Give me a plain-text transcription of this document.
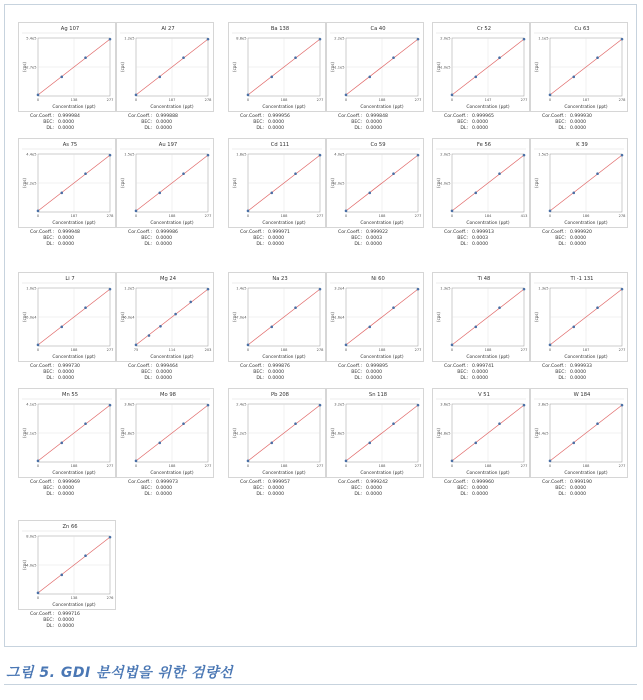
Ag 107
2.7e5
5.4e5
0	138	277
(cps)
Concentration (ppt)
Cor.Coeff.: 0.999984
BEC: 0.0000
DL: 0.0000
Al 27
1.2e5
0	187	278
(cps)
Concentration (ppt)
Cor.Coeff.: 0.999888
BEC: 0.0000
DL: 0.0000
Ba 138
8.8e5
0	188	277
(cps)
Concentration (ppt)
Cor.Coeff.: 0.999956
BEC: 0.0000
DL: 0.0000
Ca 40
1.1e5
2.2e5
0	188	277
(cps)
Concentration (ppt)
Cor.Coeff.: 0.999848
BEC: 0.0000
DL: 0.0000
Cr 52
1.0e5
2.0e5
0	147	277
(cps)
Concentration (ppt)
Cor.Coeff.: 0.999965
BEC: 0.0000
DL: 0.0000
Cu 63
1.1e5
0	187	278
(cps)
Concentration (ppt)
Cor.Coeff.: 0.999930
BEC: 0.0000
DL: 0.0000
As 75
2.2e5
4.4e5
0	187	278
(cps)
Concentration (ppt)
Cor.Coeff.: 0.999948
BEC: 0.0000
DL: 0.0000
Au 197
1.5e5
0	188	277
(cps)
Concentration (ppt)
Cor.Coeff.: 0.999986
BEC: 0.0000
DL: 0.0000
Cd 111
1.8e5
0	188	277
(cps)
Concentration (ppt)
Cor.Coeff.: 0.999971
BEC: 0.0000
DL: 0.0000
Co 59
2.0e5
4.0e5
0	188	277
(cps)
Concentration (ppt)
Cor.Coeff.: 0.999922
BEC: 0.0003
DL: 0.0000
Fe 56
1.0e5
2.0e5
0	184	413
(cps)
Concentration (ppt)
Cor.Coeff.: 0.999913
BEC: 0.0003
DL: 0.0000
K 39
1.5e5
0	186	278
(cps)
Concentration (ppt)
Cor.Coeff.: 0.999920
BEC: 0.0000
DL: 0.0000
Li 7
5.0e4
1.0e5
0	188	277
(cps)
Concentration (ppt)
Cor.Coeff.: 0.999730
BEC: 0.0000
DL: 0.0000
Mg 24
6.0e4
1.2e5
75	114	203
(cps)
Concentration (ppt)
Cor.Coeff.: 0.999464
BEC: 0.0000
DL: 0.0000
Na 23
7.0e4
1.4e5
0	188	278
(cps)
Concentration (ppt)
Cor.Coeff.: 0.999876
BEC: 0.0000
DL: 0.0000
Ni 60
1.6e4
3.2e4
0	188	277
(cps)
Concentration (ppt)
Cor.Coeff.: 0.999895
BEC: 0.0000
DL: 0.0000
Ti 48
1.3e5
0	188	277
(cps)
Concentration (ppt)
Cor.Coeff.: 0.999741
BEC: 0.0000
DL: 0.0000
Tl -1 131
1.3e5
0	187	277
(cps)
Concentration (ppt)
Cor.Coeff.: 0.999933
BEC: 0.0000
DL: 0.0000
Mn 55
2.1e5
4.1e5
0	188	277
(cps)
Concentration (ppt)
Cor.Coeff.: 0.999969
BEC: 0.0000
DL: 0.0000
Mo 98
1.8e5
3.6e5
0	188	277
(cps)
Concentration (ppt)
Cor.Coeff.: 0.999973
BEC: 0.0000
DL: 0.0000
Pb 208
1.2e5
2.4e5
0	188	277
(cps)
Concentration (ppt)
Cor.Coeff.: 0.999957
BEC: 0.0000
DL: 0.0000
Sn 118
1.6e5
3.2e5
0	188	277
(cps)
Concentration (ppt)
Cor.Coeff.: 0.999242
BEC: 0.0000
DL: 0.0000
V 51
1.8e5
3.6e5
0	188	277
(cps)
Concentration (ppt)
Cor.Coeff.: 0.999960
BEC: 0.0000
DL: 0.0000
W 184
1.4e5
2.8e5
0	188	277
(cps)
Concentration (ppt)
Cor.Coeff.: 0.999190
BEC: 0.0000
DL: 0.0000
Zn 66
4.0e5
8.0e5
0	138	276
(cps)
Concentration (ppt)
Cor.Coeff.: 0.999716
BEC: 0.0000
DL: 0.0000
그림 5. GDI 분석법을 위한 검량선
